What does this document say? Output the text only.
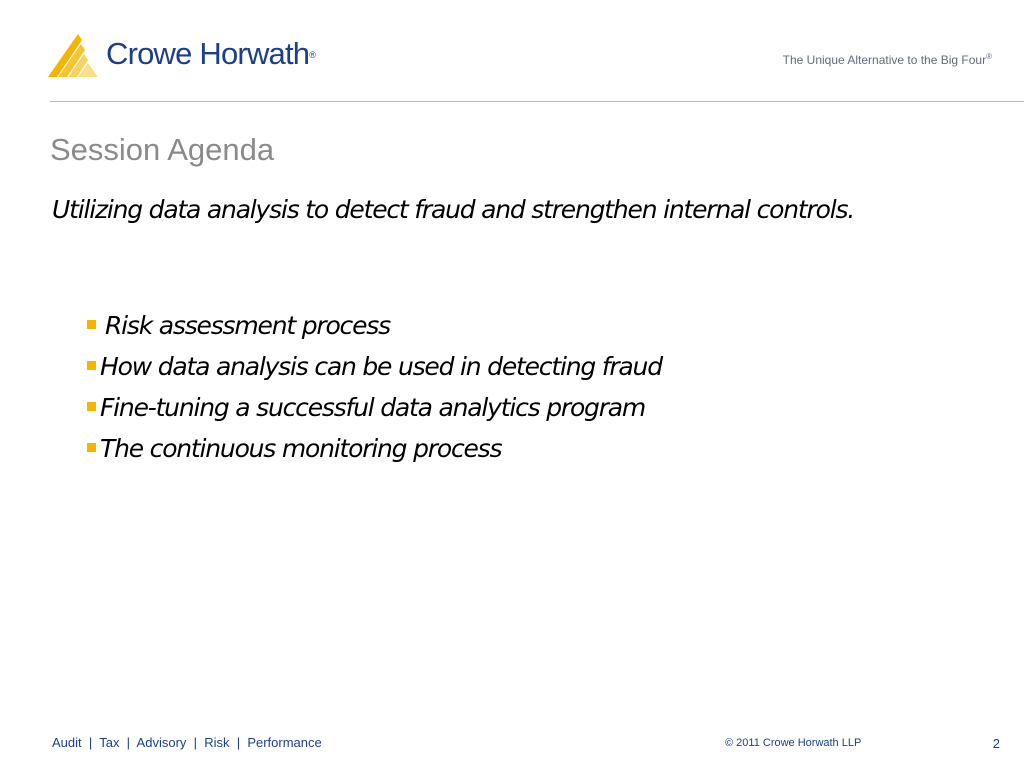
Crowe Horwath®	The Unique Alternative to the Big Four®
Session Agenda
Utilizing data analysis to detect fraud and strengthen internal controls.
Risk assessment process
How data analysis can be used in detecting fraud
Fine-tuning a successful data analytics program
The continuous monitoring process
Audit  |  Tax  |  Advisory  |  Risk  |  Performance	© 2011 Crowe Horwath LLP	2
